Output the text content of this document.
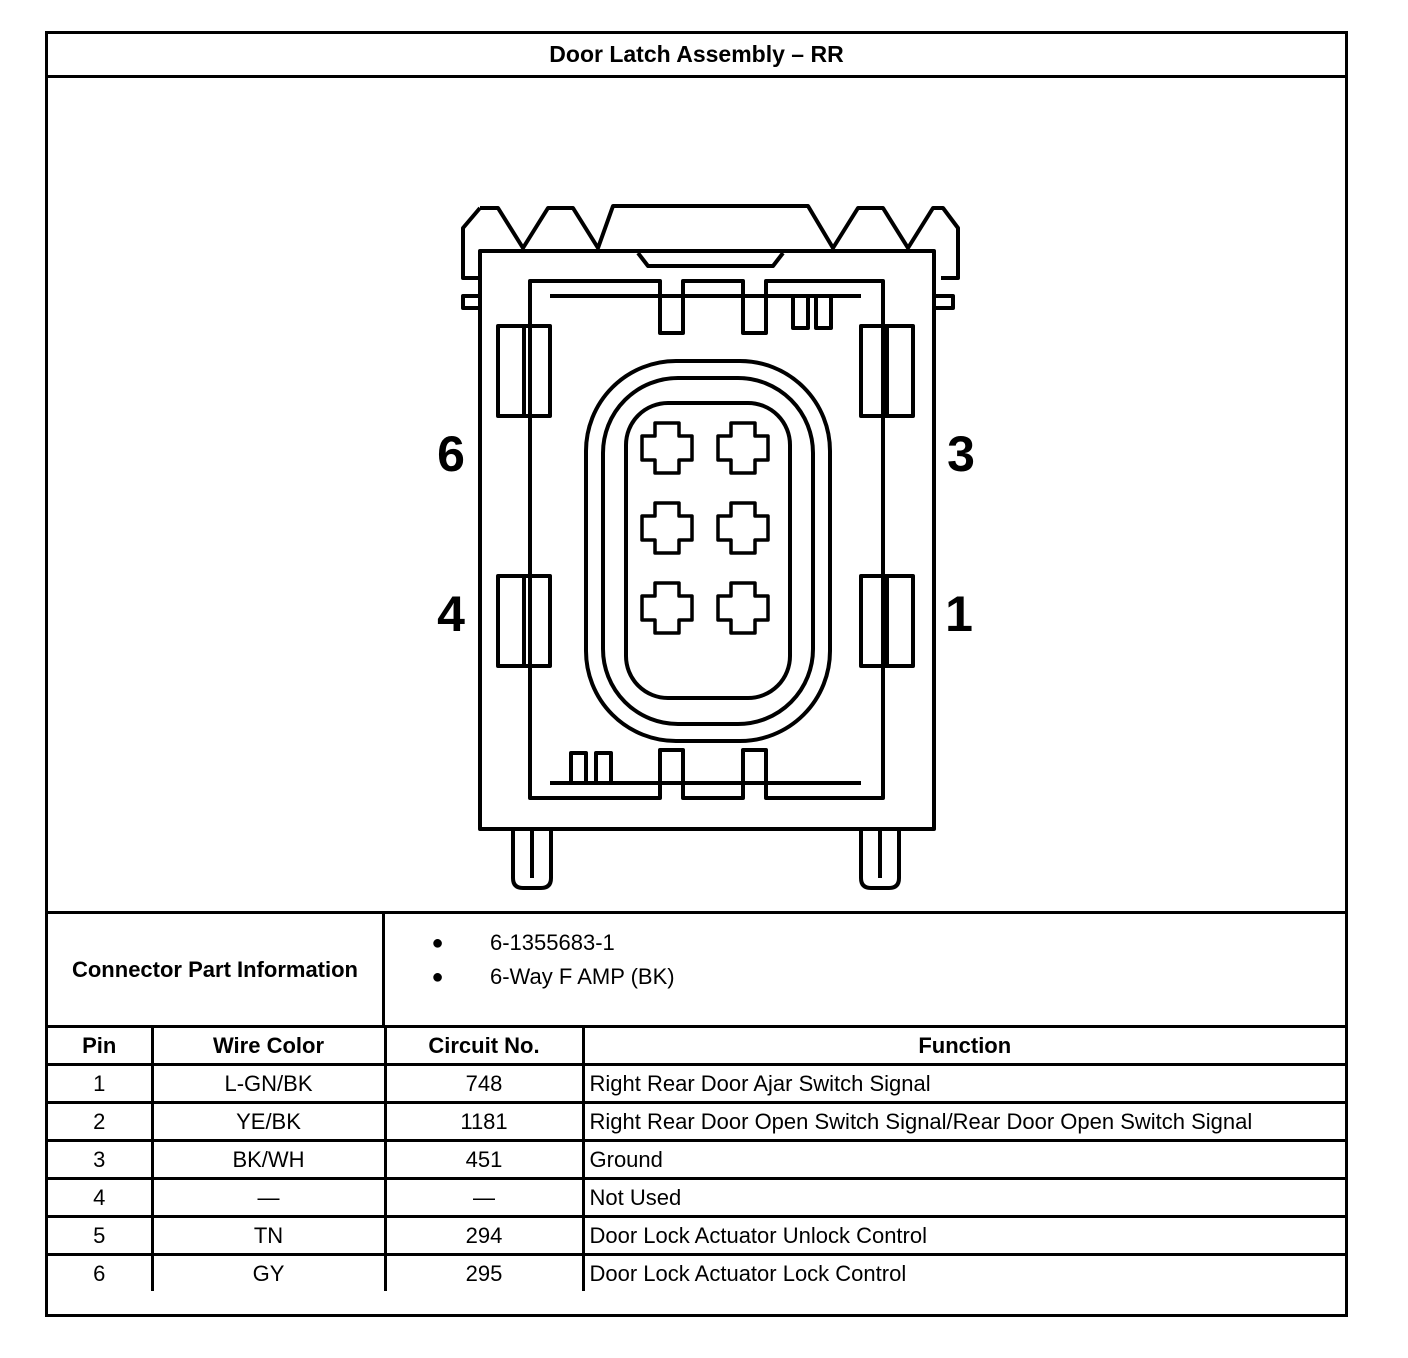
Door Latch Assembly – RR
6
4
3
1
Connector Part Information
●	6-1355683-1
●	6-Way F AMP (BK)
Pin	Wire Color	Circuit No.	Function
1	L-GN/BK	748	Right Rear Door Ajar Switch Signal
2	YE/BK	1181	Right Rear Door Open Switch Signal/Rear Door Open Switch Signal
3	BK/WH	451	Ground
4	—	—	Not Used
5	TN	294	Door Lock Actuator Unlock Control
6	GY	295	Door Lock Actuator Lock Control
